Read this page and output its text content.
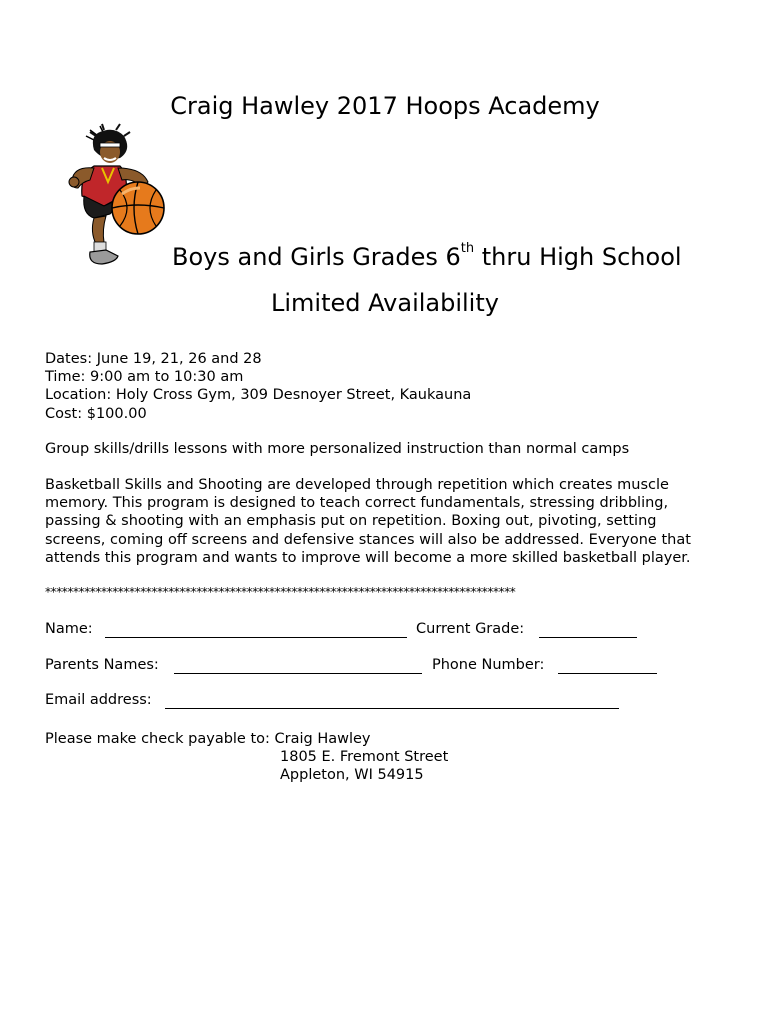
Craig Hawley 2017 Hoops Academy
Boys and Girls Grades 6th thru High School
Limited Availability
Dates: June 19, 21, 26 and 28
Time: 9:00 am to 10:30 am
Location: Holy Cross Gym, 309 Desnoyer Street, Kaukauna
Cost: $100.00
Group skills/drills lessons with more personalized instruction than normal camps
Basketball Skills and Shooting are developed through repetition which creates muscle
memory. This program is designed to teach correct fundamentals, stressing dribbling,
passing & shooting with an emphasis put on repetition. Boxing out, pivoting, setting
screens, coming off screens and defensive stances will also be addressed. Everyone that
attends this program and wants to improve will become a more skilled basketball player.
************************************************************************************
Name:	Current Grade:
Parents Names:	Phone Number:
Email address:
Please make check payable to: Craig Hawley
1805 E. Fremont Street
Appleton, WI 54915
